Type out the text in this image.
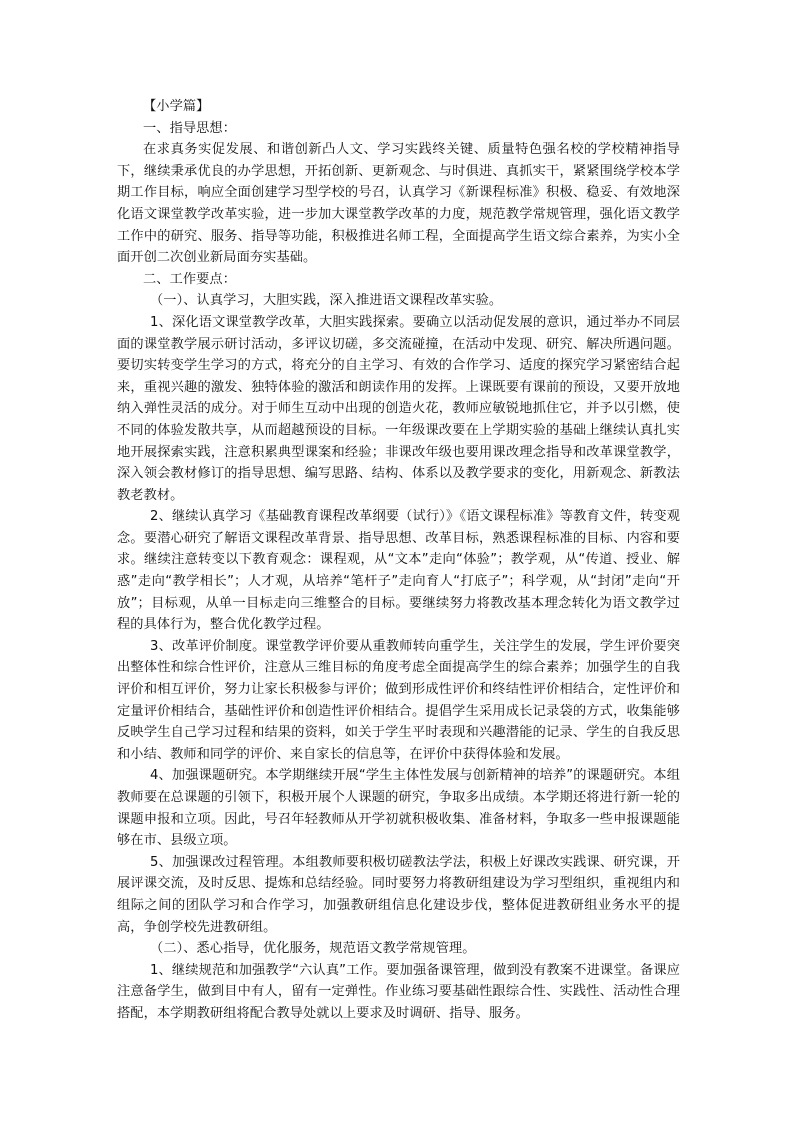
【小学篇】

一、指导思想：

在求真务实促发展、和谐创新凸人文、学习实践终关键、质量特色强名校的学校精神指导下，继续秉承优良的办学思想，开拓创新、更新观念、与时俱进、真抓实干，紧紧围绕学校本学期工作目标，响应全面创建学习型学校的号召，认真学习《新课程标准》积极、稳妥、有效地深化语文课堂教学改革实验，进一步加大课堂教学改革的力度，规范教学常规管理，强化语文教学工作中的研究、服务、指导等功能，积极推进名师工程，全面提高学生语文综合素养，为实小全面开创二次创业新局面夯实基础。

二、工作要点：

（一）、认真学习，大胆实践，深入推进语文课程改革实验。

1、深化语文课堂教学改革，大胆实践探索。要确立以活动促发展的意识，通过举办不同层面的课堂教学展示研讨活动，多评议切磋，多交流碰撞，在活动中发现、研究、解决所遇问题。要切实转变学生学习的方式，将充分的自主学习、有效的合作学习、适度的探究学习紧密结合起来，重视兴趣的激发、独特体验的激活和朗读作用的发挥。上课既要有课前的预设，又要开放地纳入弹性灵活的成分。对于师生互动中出现的创造火花，教师应敏锐地抓住它，并予以引燃，使不同的体验发散共享，从而超越预设的目标。一年级课改要在上学期实验的基础上继续认真扎实地开展探索实践，注意积累典型课案和经验；非课改年级也要用课改理念指导和改革课堂教学，深入领会教材修订的指导思想、编写思路、结构、体系以及教学要求的变化，用新观念、新教法教老教材。

2、继续认真学习《基础教育课程改革纲要（试行）》《语文课程标准》等教育文件，转变观念。要潜心研究了解语文课程改革背景、指导思想、改革目标，熟悉课程标准的目标、内容和要求。继续注意转变以下教育观念：课程观，从“文本”走向“体验”；教学观，从“传道、授业、解惑”走向“教学相长”；人才观，从培养“笔杆子”走向育人“打底子”；科学观，从“封闭”走向“开放”；目标观，从单一目标走向三维整合的目标。要继续努力将教改基本理念转化为语文教学过程的具体行为，整合优化教学过程。

3、改革评价制度。课堂教学评价要从重教师转向重学生，关注学生的发展，学生评价要突出整体性和综合性评价，注意从三维目标的角度考虑全面提高学生的综合素养；加强学生的自我评价和相互评价，努力让家长积极参与评价；做到形成性评价和终结性评价相结合，定性评价和定量评价相结合，基础性评价和创造性评价相结合。提倡学生采用成长记录袋的方式，收集能够反映学生自己学习过程和结果的资料，如关于学生平时表现和兴趣潜能的记录、学生的自我反思和小结、教师和同学的评价、来自家长的信息等，在评价中获得体验和发展。

4、加强课题研究。本学期继续开展“学生主体性发展与创新精神的培养”的课题研究。本组教师要在总课题的引领下，积极开展个人课题的研究，争取多出成绩。本学期还将进行新一轮的课题申报和立项。因此，号召年轻教师从开学初就积极收集、准备材料，争取多一些申报课题能够在市、县级立项。

5、加强课改过程管理。本组教师要积极切磋教法学法，积极上好课改实践课、研究课，开展评课交流，及时反思、提炼和总结经验。同时要努力将教研组建设为学习型组织，重视组内和组际之间的团队学习和合作学习，加强教研组信息化建设步伐，整体促进教研组业务水平的提高，争创学校先进教研组。

（二）、悉心指导，优化服务，规范语文教学常规管理。

1、继续规范和加强教学“六认真”工作。要加强备课管理，做到没有教案不进课堂。备课应注意备学生，做到目中有人，留有一定弹性。作业练习要基础性跟综合性、实践性、活动性合理搭配，本学期教研组将配合教导处就以上要求及时调研、指导、服务。
